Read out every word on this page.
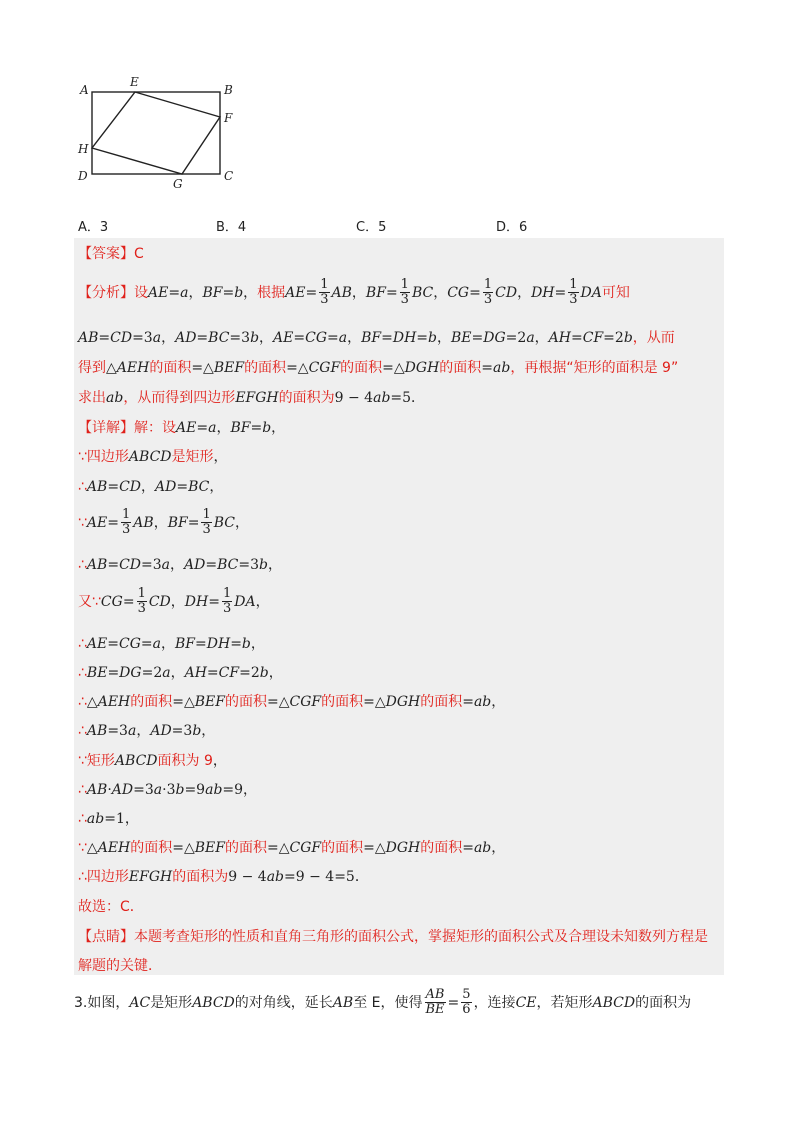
A
E
B
F
H
D
G
C
A．3	B．4	C．5	D．6
【答案】C
【分析】设AE=a，BF=b，根据$AE= \frac{1}{3}$ AB，$BF= \frac{1}{3}$ BC，$CG= \frac{1}{3}$ CD，$DH= \frac{1}{3}$ DA可知
AB=CD=3a，AD=BC=3b，AE=CG=a，BF=DH=b，BE=DG=2a，AH=CF=2b，从而
得到△AEH的面积=△BEF的面积=△CGF的面积=△DGH的面积=ab，再根据“矩形的面积是 9”
求出ab，从而得到四边形EFGH的面积为9 − 4ab=5．
【详解】解：设AE=a，BF=b，
∵四边形ABCD是矩形，
∴AB=CD，AD=BC，
∵AE= $\frac{1}{3}$ AB，$BF= \frac{1}{3}$ BC，
∴AB=CD=3a，AD=BC=3b，
又∵CG= $\frac{1}{3}$ CD，$DH= \frac{1}{3}$ DA，
∴AE=CG=a，BF=DH=b，
∴BE=DG=2a，AH=CF=2b，
∴△AEH的面积=△BEF的面积=△CGF的面积=△DGH的面积=ab，
∴AB=3a，AD=3b，
∵矩形ABCD面积为 9，
∴AB·AD=3a·3b=9ab=9，
∴ab=1，
∵△AEH的面积=△BEF的面积=△CGF的面积=△DGH的面积=ab，
∴四边形EFGH的面积为9 − 4ab=9 − 4=5．
故选：C．
【点睛】本题考查矩形的性质和直角三角形的面积公式，掌握矩形的面积公式及合理设未知数列方程是
解题的关键．
3.如图，AC是矩形ABCD的对角线，延长AB至 E，使得 $\frac{AB}{BE} = \frac{5}{6}$ ，连接CE，若矩形ABCD的面积为
